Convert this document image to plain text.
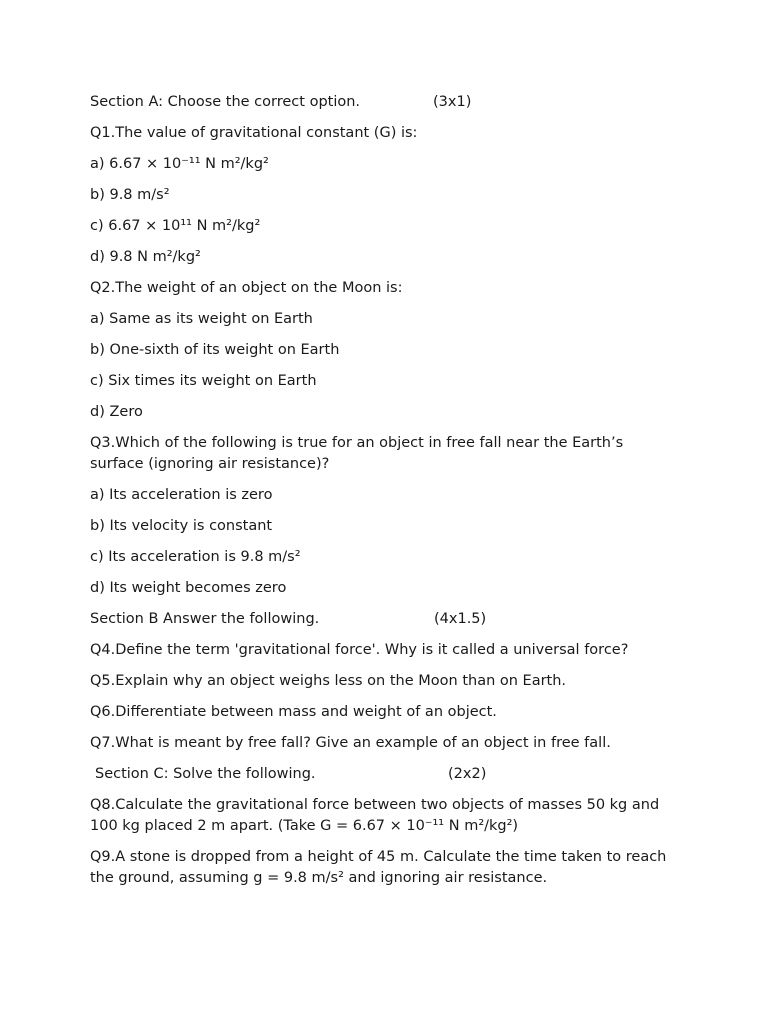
Section A: Choose the correct option.	(3x1)
Q1.The value of gravitational constant (G) is:
a) 6.67 × 10⁻¹¹ N m²/kg²
b) 9.8 m/s²
c) 6.67 × 10¹¹ N m²/kg²
d) 9.8 N m²/kg²
Q2.The weight of an object on the Moon is:
a) Same as its weight on Earth
b) One-sixth of its weight on Earth
c) Six times its weight on Earth
d) Zero
Q3.Which of the following is true for an object in free fall near the Earth’s surface (ignoring air resistance)?
a) Its acceleration is zero
b) Its velocity is constant
c) Its acceleration is 9.8 m/s²
d) Its weight becomes zero
Section B Answer the following.	(4x1.5)
Q4.Define the term 'gravitational force'. Why is it called a universal force?
Q5.Explain why an object weighs less on the Moon than on Earth.
Q6.Differentiate between mass and weight of an object.
Q7.What is meant by free fall? Give an example of an object in free fall.
Section C: Solve the following.	(2x2)
Q8.Calculate the gravitational force between two objects of masses 50 kg and 100 kg placed 2 m apart. (Take G = 6.67 × 10⁻¹¹ N m²/kg²)
Q9.A stone is dropped from a height of 45 m. Calculate the time taken to reach the ground, assuming g = 9.8 m/s² and ignoring air resistance.
